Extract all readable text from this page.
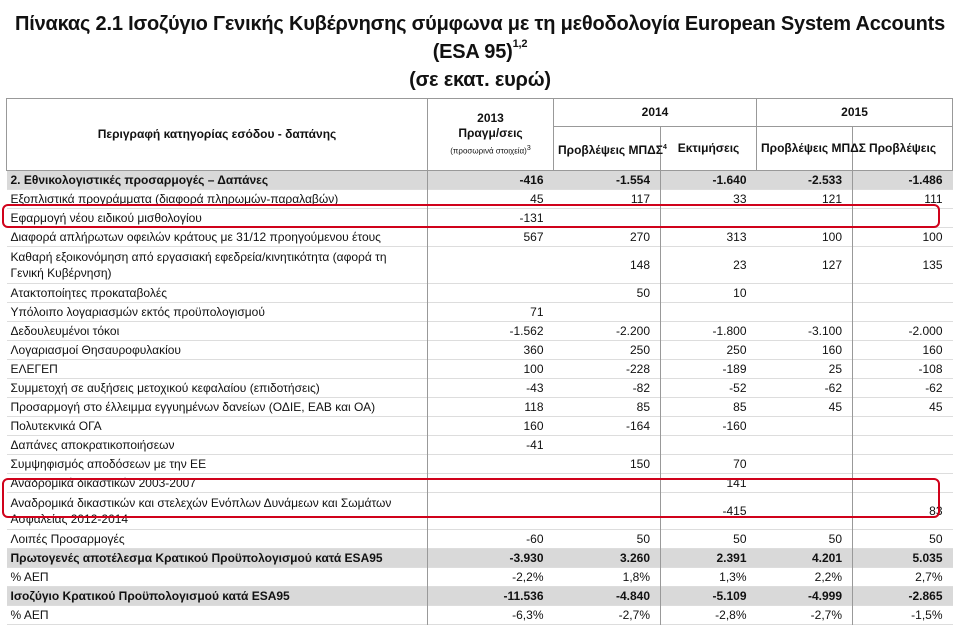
Πίνακας 2.1 Ισοζύγιο Γενικής Κυβέρνησης σύμφωνα με τη μεθοδολογία European System Accounts
(ESA 95)$^{1,2}$
(σε εκατ. ευρώ)
Περιγραφή κατηγορίας εσόδου - δαπάνης	2013
Πραγμ/σεις
(προσωρινά στοιχεία)$^3$	2014		2015	
		Προβλέψεις ΜΠΔΣ$^4$	Εκτιμήσεις	Προβλέψεις ΜΠΔΣ	Προβλέψεις
2. Εθνικολογιστικές προσαρμογές – Δαπάνες	-416	-1.554	-1.640	-2.533	-1.486
Εξοπλιστικά προγράμματα (διαφορά πληρωμών-παραλαβών)	45	117	33	121	111
Εφαρμογή νέου ειδικού μισθολογίου	-131				
Διαφορά απλήρωτων οφειλών κράτους με 31/12 προηγούμενου έτους	567	270	313	100	100
Καθαρή εξοικονόμηση από εργασιακή εφεδρεία/κινητικότητα (αφορά τη Γενική Κυβέρνηση)		148	23	127	135
Ατακτοποίητες προκαταβολές		50	10		
Υπόλοιπο λογαριασμών εκτός προϋπολογισμού	71				
Δεδουλευμένοι τόκοι	-1.562	-2.200	-1.800	-3.100	-2.000
Λογαριασμοί Θησαυροφυλακίου	360	250	250	160	160
ΕΛΕΓΕΠ	100	-228	-189	25	-108
Συμμετοχή σε αυξήσεις μετοχικού κεφαλαίου (επιδοτήσεις)	-43	-82	-52	-62	-62
Προσαρμογή στο έλλειμμα εγγυημένων δανείων (ΟΔΙΕ, ΕΑΒ και ΟΑ)	118	85	85	45	45
Πολυτεκνικά ΟΓΑ	160	-164	-160		
Δαπάνες αποκρατικοποιήσεων	-41				
Συμψηφισμός αποδόσεων με την ΕΕ		150	70		
Αναδρομικά δικαστικών 2003-2007			141		
Αναδρομικά δικαστικών και στελεχών Ενόπλων Δυνάμεων και Σωμάτων Ασφαλείας 2012-2014			-415		83
Λοιπές Προσαρμογές	-60	50	50	50	50
Πρωτογενές αποτέλεσμα Κρατικού Προϋπολογισμού κατά ESA95	-3.930	3.260	2.391	4.201	5.035
% ΑΕΠ	-2,2%	1,8%	1,3%	2,2%	2,7%
Ισοζύγιο Κρατικού Προϋπολογισμού κατά ESA95	-11.536	-4.840	-5.109	-4.999	-2.865
% ΑΕΠ	-6,3%	-2,7%	-2,8%	-2,7%	-1,5%
